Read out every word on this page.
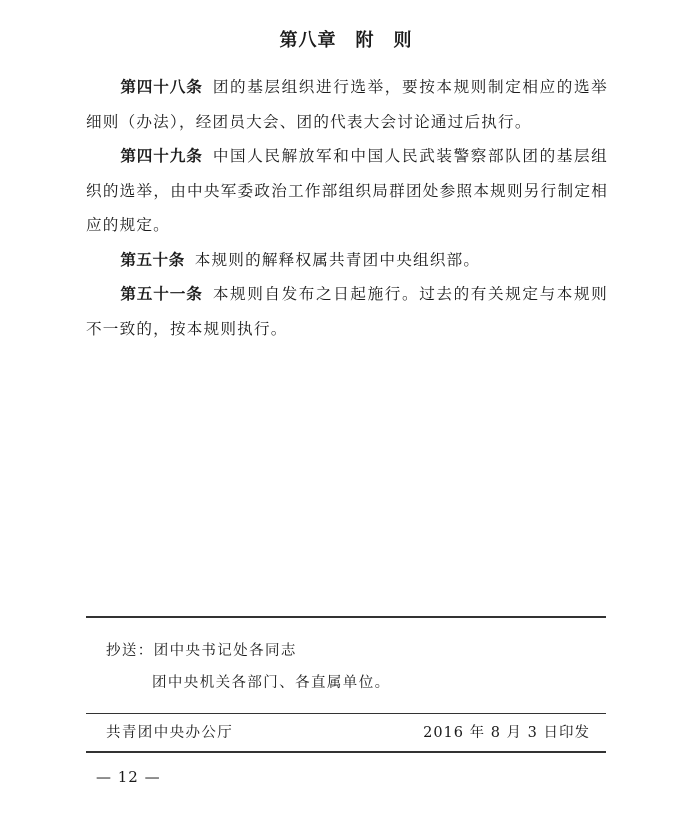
第八章　附　则

第四十八条 团的基层组织进行选举，要按本规则制定相应的选举细则（办法），经团员大会、团的代表大会讨论通过后执行。

第四十九条 中国人民解放军和中国人民武装警察部队团的基层组织的选举，由中央军委政治工作部组织局群团处参照本规则另行制定相应的规定。

第五十条 本规则的解释权属共青团中央组织部。

第五十一条 本规则自发布之日起施行。过去的有关规定与本规则不一致的，按本规则执行。

抄送：团中央书记处各同志
团中央机关各部门、各直属单位。
共青团中央办公厅	2016 年 8 月 3 日印发
— 12 —
